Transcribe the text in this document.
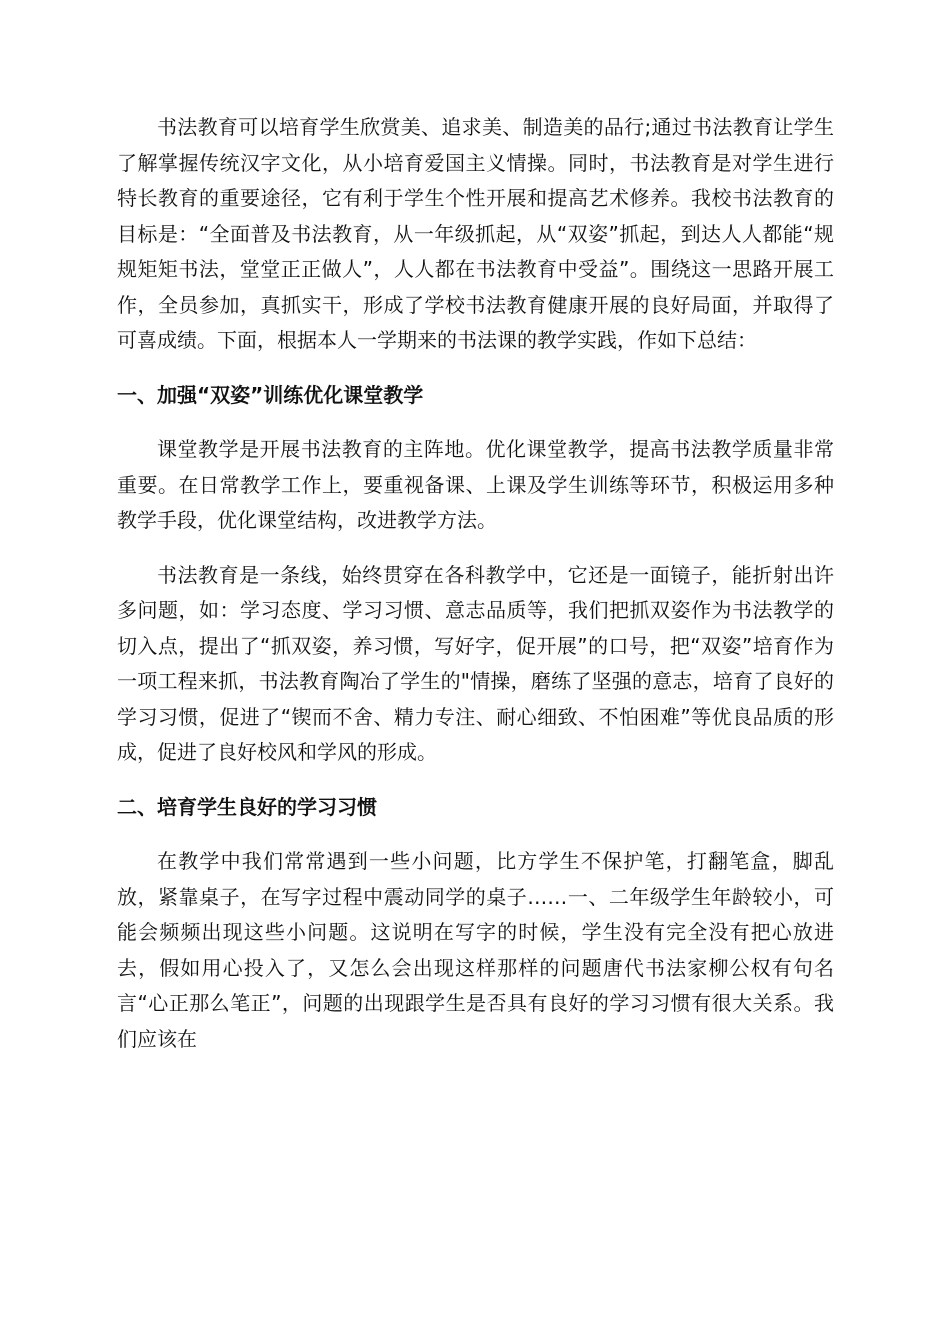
书法教育可以培育学生欣赏美、追求美、制造美的品行;通过书法教育让学生了解掌握传统汉字文化，从小培育爱国主义情操。同时，书法教育是对学生进行特长教育的重要途径，它有利于学生个性开展和提高艺术修养。我校书法教育的目标是：“全面普及书法教育，从一年级抓起，从“双姿”抓起，到达人人都能“规规矩矩书法，堂堂正正做人”，人人都在书法教育中受益”。围绕这一思路开展工作，全员参加，真抓实干，形成了学校书法教育健康开展的良好局面，并取得了可喜成绩。下面，根据本人一学期来的书法课的教学实践，作如下总结：

一、加强“双姿”训练优化课堂教学

课堂教学是开展书法教育的主阵地。优化课堂教学，提高书法教学质量非常重要。在日常教学工作上，要重视备课、上课及学生训练等环节，积极运用多种教学手段，优化课堂结构，改进教学方法。

书法教育是一条线，始终贯穿在各科教学中，它还是一面镜子，能折射出许多问题，如：学习态度、学习习惯、意志品质等，我们把抓双姿作为书法教学的切入点，提出了“抓双姿，养习惯，写好字，促开展”的口号，把“双姿”培育作为一项工程来抓，书法教育陶冶了学生的"情操，磨练了坚强的意志，培育了良好的学习习惯，促进了“锲而不舍、精力专注、耐心细致、不怕困难”等优良品质的形成，促进了良好校风和学风的形成。

二、培育学生良好的学习习惯

在教学中我们常常遇到一些小问题，比方学生不保护笔，打翻笔盒，脚乱放，紧靠桌子，在写字过程中震动同学的桌子……一、二年级学生年龄较小，可能会频频出现这些小问题。这说明在写字的时候，学生没有完全没有把心放进去，假如用心投入了，又怎么会出现这样那样的问题唐代书法家柳公权有句名言“心正那么笔正”，问题的出现跟学生是否具有良好的学习习惯有很大关系。我们应该在
